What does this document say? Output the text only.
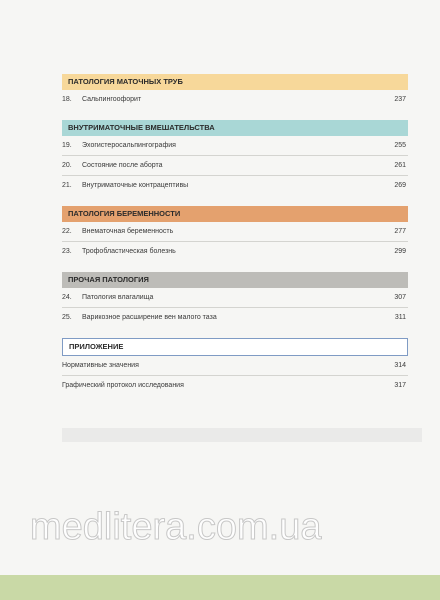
ПАТОЛОГИЯ МАТОЧНЫХ ТРУБ
18. Сальпингоофорит	237
ВНУТРИМАТОЧНЫЕ ВМЕШАТЕЛЬСТВА
19. Эхогистеросальпингография	255
20. Состояние после аборта	261
21. Внутриматочные контрацептивы	269
ПАТОЛОГИЯ БЕРЕМЕННОСТИ
22. Внематочная беременность	277
23. Трофобластическая болезнь	299
ПРОЧАЯ ПАТОЛОГИЯ
24. Патология влагалища	307
25. Варикозное расширение вен малого таза	311
ПРИЛОЖЕНИЕ
Нормативные значения	314
Графический протокол исследования	317
medlitera.com.ua
